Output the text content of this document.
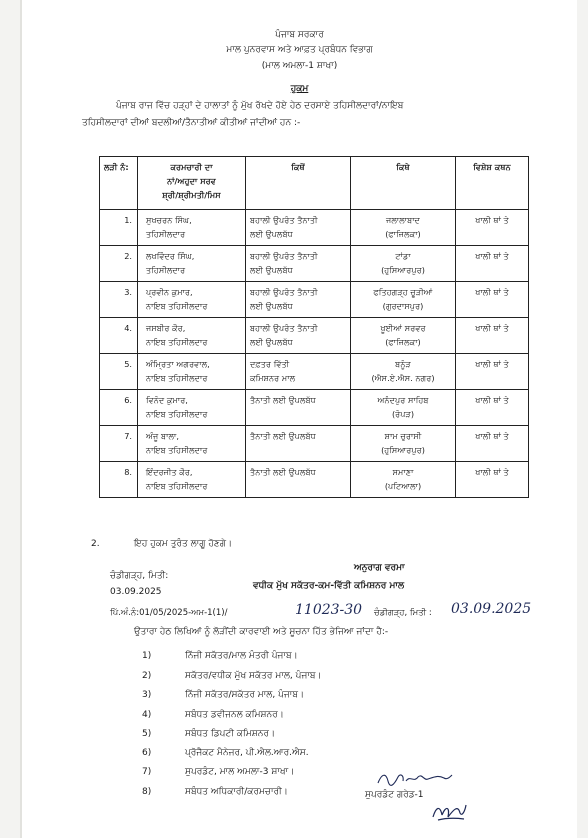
ਪੰਜਾਬ ਸਰਕਾਰ
ਮਾਲ ਪੁਨਰਵਾਸ ਅਤੇ ਆਫ਼ਤ ਪ੍ਰਬੰਧਨ ਵਿਭਾਗ
(ਮਾਲ ਅਮਲਾ-1 ਸ਼ਾਖਾ)
ਹੁਕਮ
ਪੰਜਾਬ ਰਾਜ ਵਿੱਚ ਹੜ੍ਹਾਂ ਦੇ ਹਾਲਾਤਾਂ ਨੂੰ ਮੁੱਖ ਰੱਖਦੇ ਹੋਏ ਹੇਠ ਦਰਸਾਏ ਤਹਿਸੀਲਦਾਰਾਂ/ਨਾਇਬ
ਤਹਿਸੀਲਦਾਰਾਂ ਦੀਆਂ ਬਦਲੀਆਂ/ਤੈਨਾਤੀਆਂ ਕੀਤੀਆਂ ਜਾਂਦੀਆਂ ਹਨ :-
ਲੜੀ ਨੰ:	ਕਰਮਚਾਰੀ ਦਾ
ਨਾਂ/ਅਹੁਦਾ ਸਰਵ
ਸ਼੍ਰੀ/ਸ਼੍ਰੀਮਤੀ/ਮਿਸ	ਕਿਥੋਂ	ਕਿਥੇ	ਵਿਸ਼ੇਸ਼ ਕਥਨ
1.	ਸੁਖਚਰਨ ਸਿੰਘ,
ਤਹਿਸੀਲਦਾਰ	ਬਹਾਲੀ ਉਪਰੰਤ ਤੈਨਾਤੀ
ਲਈ ਉਪਲਬੱਧ	ਜਲਾਲਾਬਾਦ
(ਫਾਜਿਲਕਾ)	ਖਾਲੀ ਥਾਂ ਤੇ
2.	ਲਖਵਿੰਦਰ ਸਿੰਘ,
ਤਹਿਸੀਲਦਾਰ	ਬਹਾਲੀ ਉਪਰੰਤ ਤੈਨਾਤੀ
ਲਈ ਉਪਲਬੱਧ	ਟਾਂਡਾ
(ਹੁਸਿਆਰਪੁਰ)	ਖਾਲੀ ਥਾਂ ਤੇ
3.	ਪ੍ਰਵੀਨ ਕੁਮਾਰ,
ਨਾਇਬ ਤਹਿਸੀਲਦਾਰ	ਬਹਾਲੀ ਉਪਰੰਤ ਤੈਨਾਤੀ
ਲਈ ਉਪਲਬੱਧ	ਫਤਿਹਗੜ੍ਹ ਚੂੜੀਆਂ
(ਗੁਰਦਾਸਪੁਰ)	ਖਾਲੀ ਥਾਂ ਤੇ
4.	ਜਸਬੀਰ ਕੌਰ,
ਨਾਇਬ ਤਹਿਸੀਲਦਾਰ	ਬਹਾਲੀ ਉਪਰੰਤ ਤੈਨਾਤੀ
ਲਈ ਉਪਲਬੱਧ	ਖੂਈਆਂ ਸਰਵਰ
(ਫਾਜਿਲਕਾ)	ਖਾਲੀ ਥਾਂ ਤੇ
5.	ਅੰਮ੍ਰਿਤਾ ਅਗਰਵਾਲ,
ਨਾਇਬ ਤਹਿਸੀਲਦਾਰ	ਦਫ਼ਤਰ ਵਿੱਤੀ
ਕਮਿਸ਼ਨਰ ਮਾਲ	ਬਨੂੰੜ
(ਐਸ.ਏ.ਐਸ. ਨਗਰ)	ਖਾਲੀ ਥਾਂ ਤੇ
6.	ਵਿਨੋਦ ਕੁਮਾਰ,
ਨਾਇਬ ਤਹਿਸੀਲਦਾਰ	ਤੈਨਾਤੀ ਲਈ ਉਪਲਬੱਧ	ਅਨੰਦਪੁਰ ਸਾਹਿਬ
(ਰੋਪੜ)	ਖਾਲੀ ਥਾਂ ਤੇ
7.	ਅੰਜੂ ਬਾਲਾ,
ਨਾਇਬ ਤਹਿਸੀਲਦਾਰ	ਤੈਨਾਤੀ ਲਈ ਉਪਲਬੱਧ	ਸ਼ਾਮ ਚੁਰਾਸੀ
(ਹੁਸਿਆਰਪੁਰ)	ਖਾਲੀ ਥਾਂ ਤੇ
8.	ਇੰਦਰਜੀਤ ਕੌਰ,
ਨਾਇਬ ਤਹਿਸੀਲਦਾਰ	ਤੈਨਾਤੀ ਲਈ ਉਪਲਬੱਧ	ਸਮਾਣਾ
(ਪਟਿਆਲਾ)	ਖਾਲੀ ਥਾਂ ਤੇ
2.	ਇਹ ਹੁਕਮ ਤੁਰੰਤ ਲਾਗੂ ਹੋਣਗੇ।
ਚੰਡੀਗੜ੍ਹ, ਮਿਤੀ:
03.09.2025
ਅਨੁਰਾਗ ਵਰਮਾ
ਵਧੀਕ ਮੁੱਖ ਸਕੱਤਰ-ਕਮ-ਵਿੱਤੀ ਕਮਿਸ਼ਨਰ ਮਾਲ
ਪਿੱ.ਅੰ.ਨੰ:01/05/2025-ਅਮ-1(1)/	11023-30 ਚੰਡੀਗੜ੍ਹ, ਮਿਤੀ : 03.09.2025
ਉਤਾਰਾ ਹੇਠ ਲਿਖਿਆਂ ਨੂੰ ਲੋੜੀਂਦੀ ਕਾਰਵਾਈ ਅਤੇ ਸੂਚਨਾ ਹਿੱਤ ਭੇਜਿਆ ਜਾਂਦਾ ਹੈ:-
1)	ਨਿੱਜੀ ਸਕੱਤਰ/ਮਾਲ ਮੰਤਰੀ ਪੰਜਾਬ।
2)	ਸਕੱਤਰ/ਵਧੀਕ ਮੁੱਖ ਸਕੱਤਰ ਮਾਲ, ਪੰਜਾਬ।
3)	ਨਿੱਜੀ ਸਕੱਤਰ/ਸਕੱਤਰ ਮਾਲ, ਪੰਜਾਬ।
4)	ਸਬੰਧਤ ਡਵੀਜਨਲ ਕਮਿਸ਼ਨਰ।
5)	ਸਬੰਧਤ ਡਿਪਟੀ ਕਮਿਸ਼ਨਰ।
6)	ਪ੍ਰੋਜੈਕਟ ਮੈਨੇਜਰ, ਪੀ.ਐਲ.ਆਰ.ਐਸ.
7)	ਸੁਪਰਡੰਟ, ਮਾਲ ਅਮਲਾ-3 ਸ਼ਾਖਾ।
8)	ਸਬੰਧਤ ਅਧਿਕਾਰੀ/ਕਰਮਚਾਰੀ।	ਸੁਪਰਡੰਟ ਗਰੇਡ-1
